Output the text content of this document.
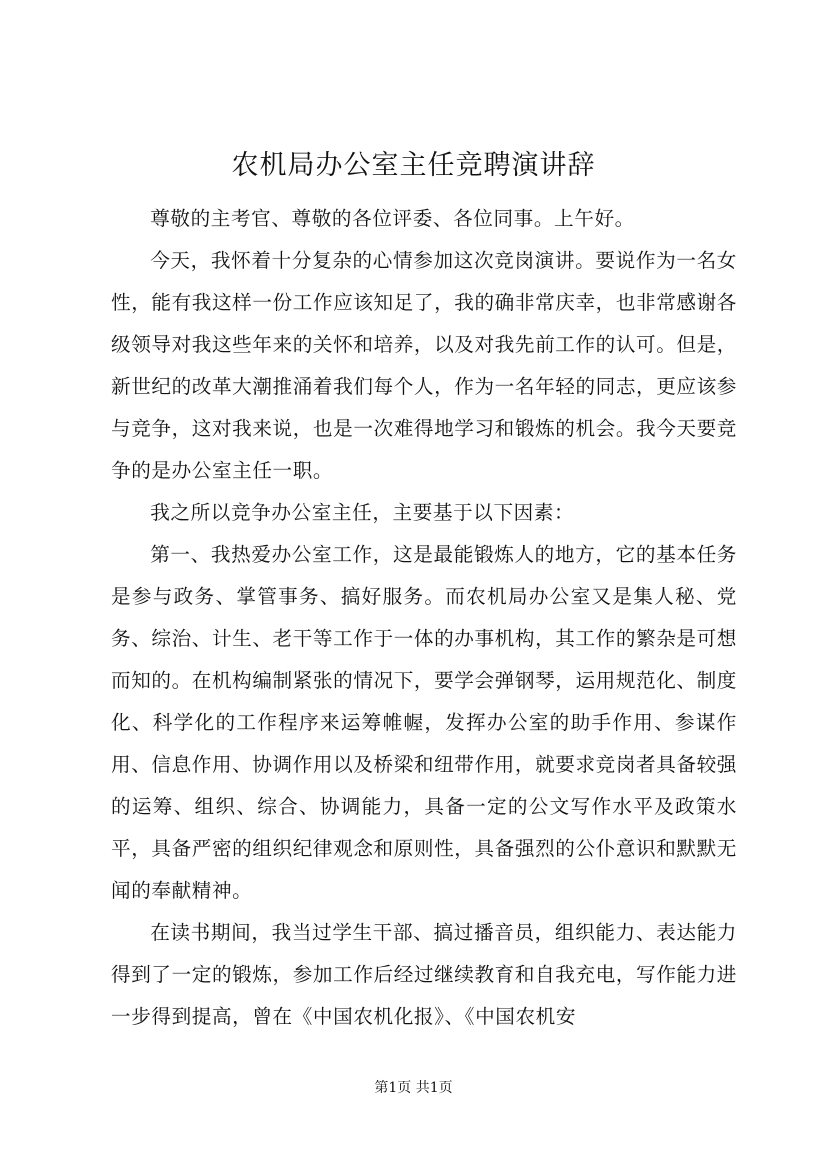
农机局办公室主任竞聘演讲辞

尊敬的主考官、尊敬的各位评委、各位同事。上午好。

今天，我怀着十分复杂的心情参加这次竞岗演讲。要说作为一名女性，能有我这样一份工作应该知足了，我的确非常庆幸，也非常感谢各级领导对我这些年来的关怀和培养，以及对我先前工作的认可。但是，新世纪的改革大潮推涌着我们每个人，作为一名年轻的同志，更应该参与竞争，这对我来说，也是一次难得地学习和锻炼的机会。我今天要竞争的是办公室主任一职。

我之所以竞争办公室主任，主要基于以下因素：

第一、我热爱办公室工作，这是最能锻炼人的地方，它的基本任务是参与政务、掌管事务、搞好服务。而农机局办公室又是集人秘、党务、综治、计生、老干等工作于一体的办事机构，其工作的繁杂是可想而知的。在机构编制紧张的情况下，要学会弹钢琴，运用规范化、制度化、科学化的工作程序来运筹帷幄，发挥办公室的助手作用、参谋作用、信息作用、协调作用以及桥梁和纽带作用，就要求竞岗者具备较强的运筹、组织、综合、协调能力，具备一定的公文写作水平及政策水平，具备严密的组织纪律观念和原则性，具备强烈的公仆意识和默默无闻的奉献精神。

在读书期间，我当过学生干部、搞过播音员，组织能力、表达能力得到了一定的锻炼，参加工作后经过继续教育和自我充电，写作能力进一步得到提高，曾在《中国农机化报》、《中国农机安

第1页 共1页
